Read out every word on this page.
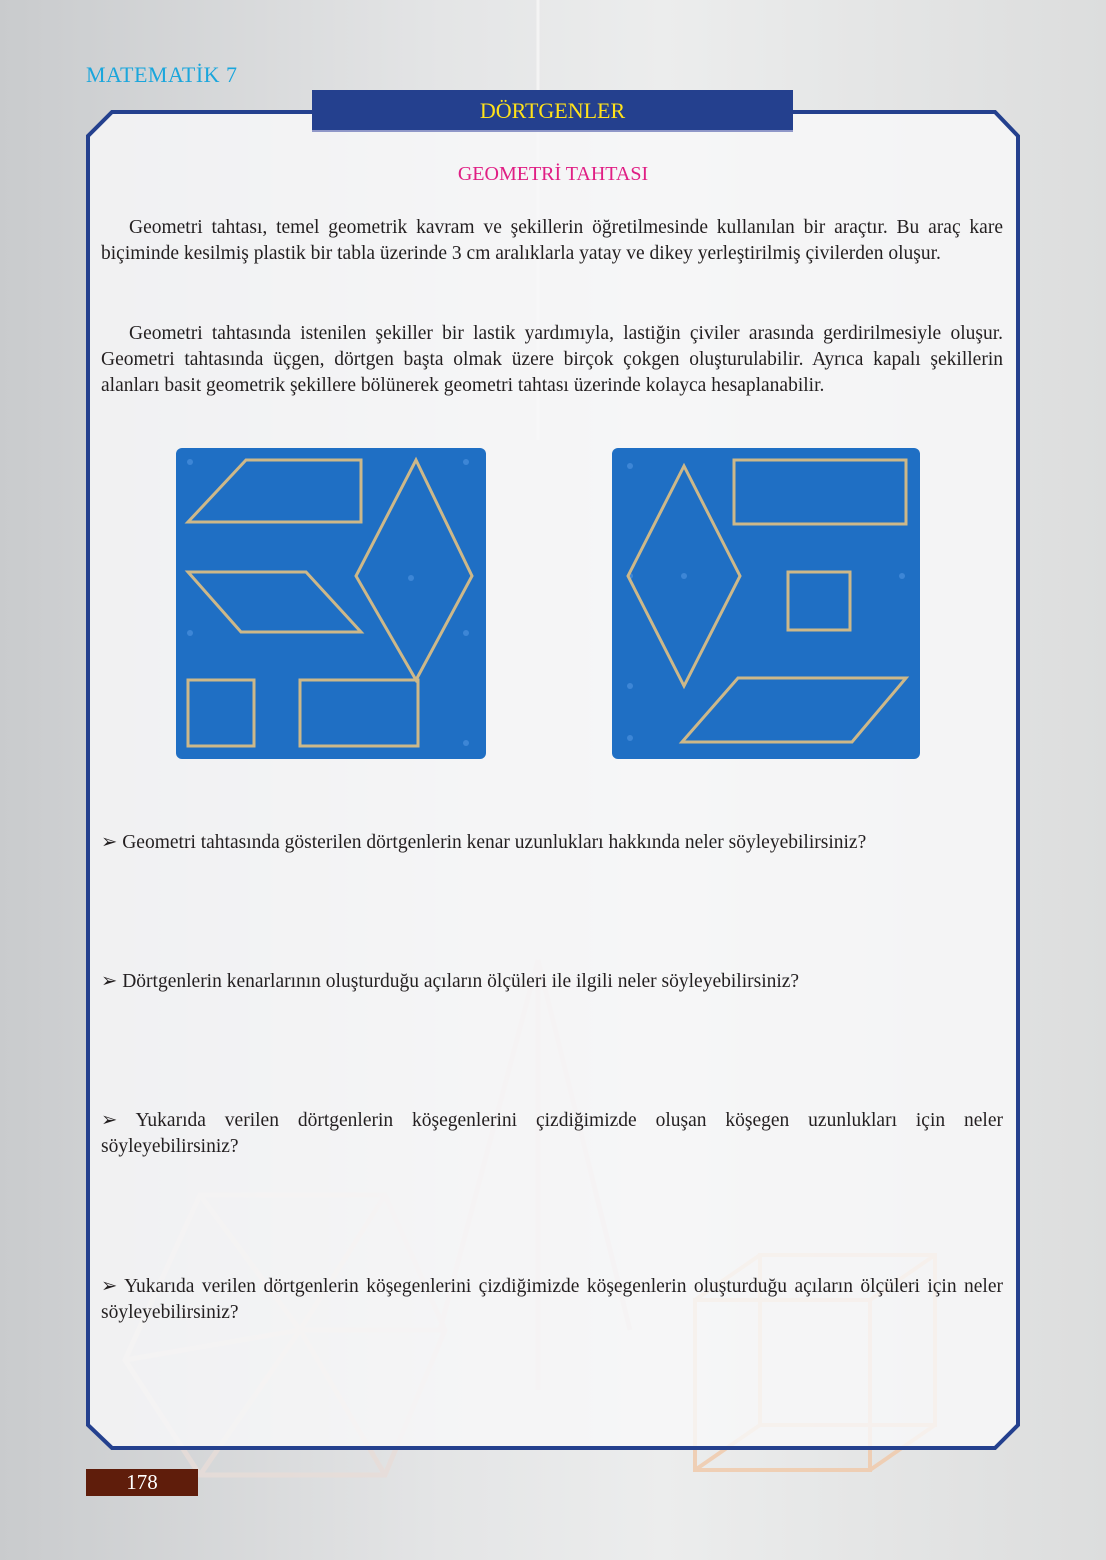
MATEMATİK 7
DÖRTGENLER
GEOMETRİ TAHTASI

Geometri tahtası, temel geometrik kavram ve şekillerin öğretilmesinde kullanılan bir araçtır. Bu araç kare biçiminde kesilmiş plastik bir tabla üzerinde 3 cm aralıklarla yatay ve dikey yerleştirilmiş çivilerden oluşur.

Geometri tahtasında istenilen şekiller bir lastik yardımıyla, lastiğin çiviler arasında gerdirilmesiyle oluşur. Geometri tahtasında üçgen, dörtgen başta olmak üzere birçok çokgen oluşturulabilir. Ayrıca kapalı şekillerin alanları basit geometrik şekillere bölünerek geometri tahtası üzerinde kolayca hesaplanabilir.

➢ Geometri tahtasında gösterilen dörtgenlerin kenar uzunlukları hakkında neler söyleyebilirsiniz?
➢ Dörtgenlerin kenarlarının oluşturduğu açıların ölçüleri ile ilgili neler söyleyebilirsiniz?
➢ Yukarıda verilen dörtgenlerin köşegenlerini çizdiğimizde oluşan köşegen uzunlukları için neler söyleyebilirsiniz?
➢ Yukarıda verilen dörtgenlerin köşegenlerini çizdiğimizde köşegenlerin oluşturduğu açıların ölçüleri için neler söyleyebilirsiniz?
178
